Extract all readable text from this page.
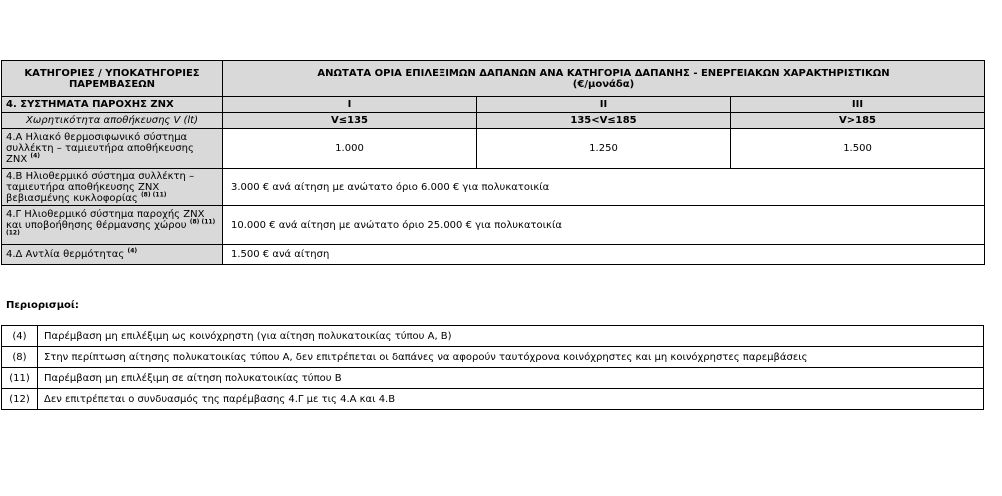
ΚΑΤΗΓΟΡΙΕΣ / ΥΠΟΚΑΤΗΓΟΡΙΕΣ ΠΑΡΕΜΒΑΣΕΩΝ	ΑΝΩΤΑΤΑ ΟΡΙΑ ΕΠΙΛΕΞΙΜΩΝ ΔΑΠΑΝΩΝ ΑΝΑ ΚΑΤΗΓΟΡΙΑ ΔΑΠΑΝΗΣ - ΕΝΕΡΓΕΙΑΚΩΝ ΧΑΡΑΚΤΗΡΙΣΤΙΚΩΝ
(€/μονάδα)		
4. ΣΥΣΤΗΜΑΤΑ ΠΑΡΟΧΗΣ ΖΝΧ	I	II	III
Χωρητικότητα αποθήκευσης V (lt)	V≤135	135<V≤185	V>185
4.Α Ηλιακό θερμοσιφωνικό σύστημα συλλέκτη – ταμιευτήρα αποθήκευσης ΖΝΧ $^{(4)}$	1.000	1.250	1.500
4.Β Ηλιοθερμικό σύστημα συλλέκτη – ταμιευτήρα αποθήκευσης ΖΝΧ βεβιασμένης κυκλοφορίας $^{(8) (11)}$	3.000 € ανά αίτηση με ανώτατο όριο 6.000 € για πολυκατοικία		
4.Γ Ηλιοθερμικό σύστημα παροχής ΖΝΧ και υποβοήθησης θέρμανσης χώρου $^{(8) (11) (12)}$	10.000 € ανά αίτηση με ανώτατο όριο 25.000 € για πολυκατοικία		
4.Δ Αντλία θερμότητας $^{(4)}$	1.500 € ανά αίτηση		
Περιορισμοί:
(4)	Παρέμβαση μη επιλέξιμη ως κοινόχρηστη (για αίτηση πολυκατοικίας τύπου Α, Β)
(8)	Στην περίπτωση αίτησης πολυκατοικίας τύπου Α, δεν επιτρέπεται οι δαπάνες να αφορούν ταυτόχρονα κοινόχρηστες και μη κοινόχρηστες παρεμβάσεις
(11)	Παρέμβαση μη επιλέξιμη σε αίτηση πολυκατοικίας τύπου Β
(12)	Δεν επιτρέπεται ο συνδυασμός της παρέμβασης 4.Γ με τις 4.Α και 4.Β
